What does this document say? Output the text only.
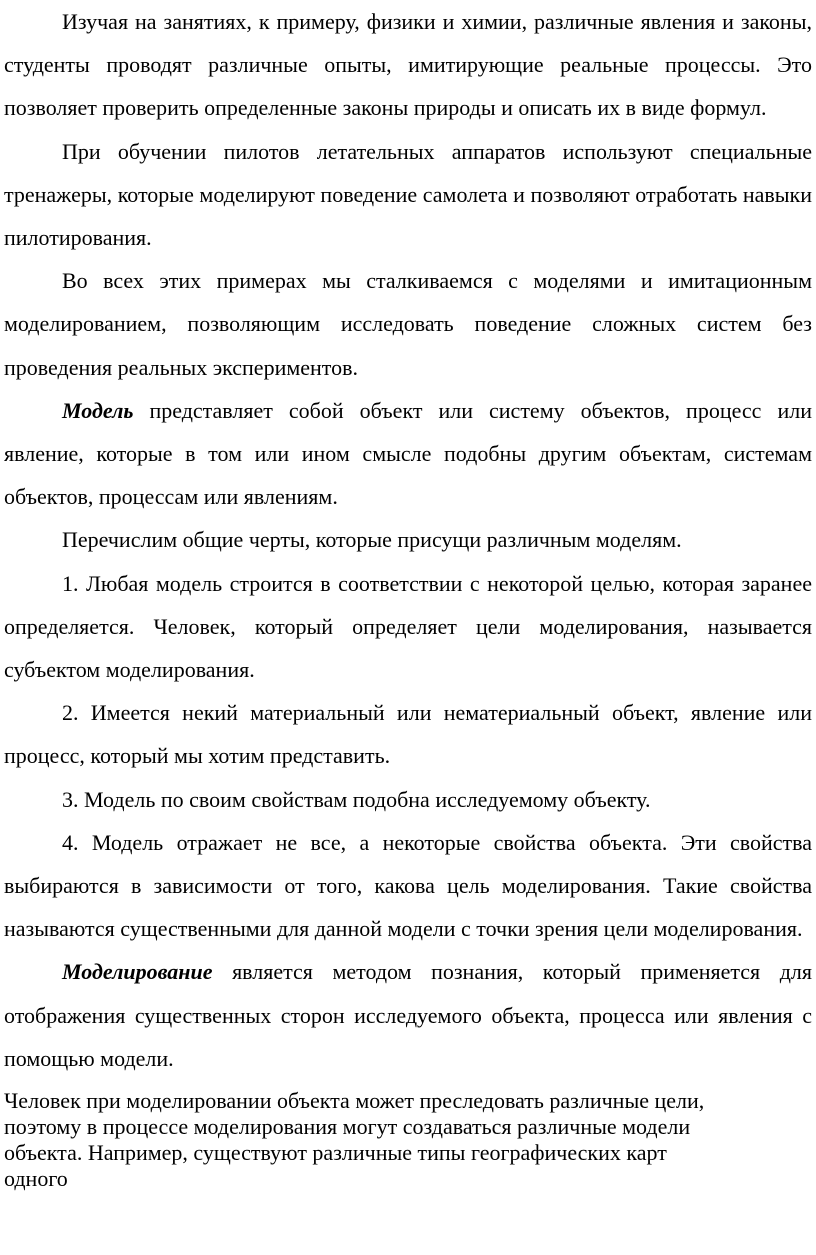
Изучая на занятиях, к примеру, физики и химии, различные явления и законы, студенты проводят различные опыты, имитирующие реальные процессы. Это позволяет проверить определенные законы природы и описать их в виде формул.

При обучении пилотов летательных аппаратов используют специальные тренажеры, которые моделируют поведение самолета и позволяют отработать навыки пилотирования.

Во всех этих примерах мы сталкиваемся с моделями и имитационным моделированием, позволяющим исследовать поведение сложных систем без проведения реальных экспериментов.

Модель представляет собой объект или систему объектов, процесс или явление, которые в том или ином смысле подобны другим объектам, системам объектов, процессам или явлениям.

Перечислим общие черты, которые присущи различным моделям.

1. Любая модель строится в соответствии с некоторой целью, которая заранее определяется. Человек, который определяет цели моделирования, называется субъектом моделирования.

2. Имеется некий материальный или нематериальный объект, явление или процесс, который мы хотим представить.

3. Модель по своим свойствам подобна исследуемому объекту.

4. Модель отражает не все, а некоторые свойства объекта. Эти свойства выбираются в зависимости от того, какова цель моделирования. Такие свойства называются существенными для данной модели с точки зрения цели моделирования.

Моделирование является методом познания, который применяется для отображения существенных сторон исследуемого объекта, процесса или явления с помощью модели.

Человек при моделировании объекта может преследовать различные цели,
поэтому в процессе моделирования могут создаваться различные модели
объекта. Например, существуют различные типы географических карт
одного
